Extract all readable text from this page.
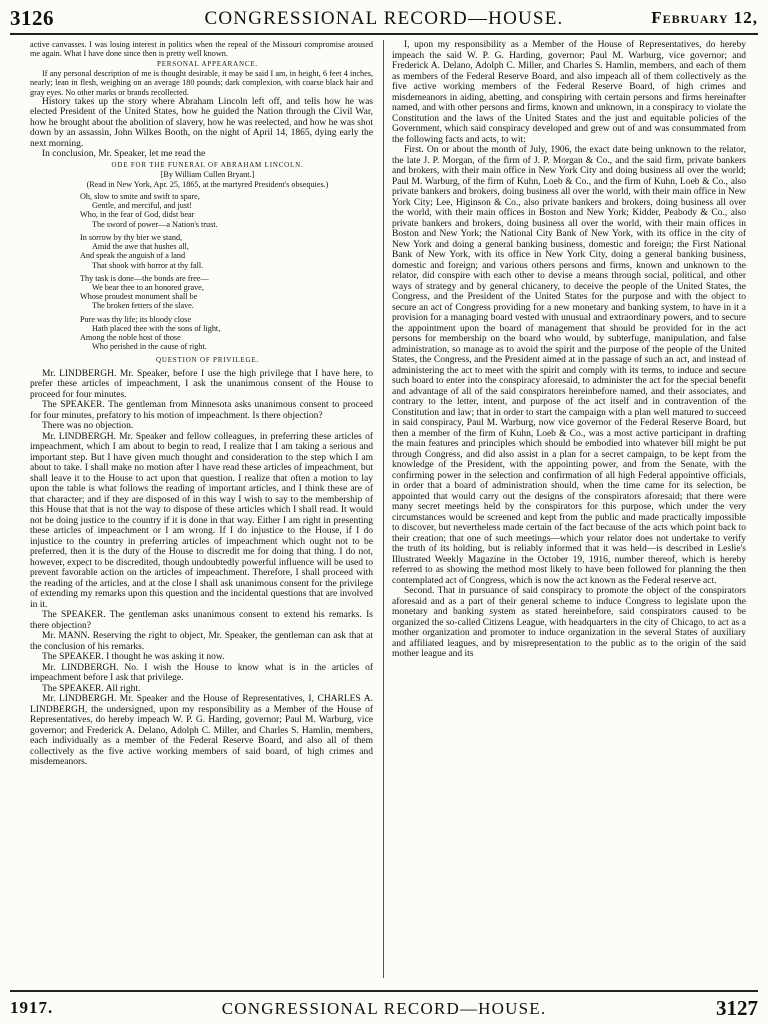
3126	CONGRESSIONAL RECORD—HOUSE.	February 12,

active canvasses. I was losing interest in politics when the repeal of the Missouri compromise aroused me again. What I have done since then is pretty well known.

PERSONAL APPEARANCE.

If any personal description of me is thought desirable, it may be said I am, in height, 6 feet 4 inches, nearly; lean in flesh, weighing on an average 180 pounds; dark complexion, with coarse black hair and gray eyes. No other marks or brands recollected.

History takes up the story where Abraham Lincoln left off, and tells how he was elected President of the United States, how he guided the Nation through the Civil War, how he brought about the abolition of slavery, how he was reelected, and how he was shot down by an assassin, John Wilkes Booth, on the night of April 14, 1865, dying early the next morning.

In conclusion, Mr. Speaker, let me read the

ODE FOR THE FUNERAL OF ABRAHAM LINCOLN.

[By William Cullen Bryant.]

(Read in New York, Apr. 25, 1865, at the martyred President's obsequies.)

Oh, slow to smite and swift to spare,
Gentle, and merciful, and just!
Who, in the fear of God, didst bear
The sword of power—a Nation's trust.
In sorrow by thy bier we stand,
Amid the awe that hushes all,
And speak the anguish of a land
That shook with horror at thy fall.
Thy task is done—the bonds are free—
We bear thee to an honored grave,
Whose proudest monument shall be
The broken fetters of the slave.
Pure was thy life; its bloody close
Hath placed thee with the sons of light,
Among the noble host of those
Who perished in the cause of right.

QUESTION OF PRIVILEGE.

Mr. LINDBERGH. Mr. Speaker, before I use the high privilege that I have here, to prefer these articles of impeachment, I ask the unanimous consent of the House to proceed for four minutes.

The SPEAKER. The gentleman from Minnesota asks unanimous consent to proceed for four minutes, prefatory to his motion of impeachment. Is there objection?

There was no objection.

Mr. LINDBERGH. Mr. Speaker and fellow colleagues, in preferring these articles of impeachment, which I am about to begin to read, I realize that I am taking a serious and important step. But I have given much thought and consideration to the step which I am about to take. I shall make no motion after I have read these articles of impeachment, but shall leave it to the House to act upon that question. I realize that often a motion to lay upon the table is what follows the reading of important articles, and I think these are of that character; and if they are disposed of in this way I wish to say to the membership of this House that that is not the way to dispose of these articles which I shall read. It would not be doing justice to the country if it is done in that way. Either I am right in presenting these articles of impeachment or I am wrong. If I do injustice to the House, if I do injustice to the country in preferring articles of impeachment which ought not to be preferred, then it is the duty of the House to discredit me for doing that thing. I do not, however, expect to be discredited, though undoubtedly powerful influence will be used to prevent favorable action on the articles of impeachment. Therefore, I shall proceed with the reading of the articles, and at the close I shall ask unanimous consent for the privilege of extending my remarks upon this question and the incidental questions that are involved in it.

The SPEAKER. The gentleman asks unanimous consent to extend his remarks. Is there objection?

Mr. MANN. Reserving the right to object, Mr. Speaker, the gentleman can ask that at the conclusion of his remarks.

The SPEAKER. I thought he was asking it now.

Mr. LINDBERGH. No. I wish the House to know what is in the articles of impeachment before I ask that privilege.

The SPEAKER. All right.

Mr. LINDBERGH. Mr. Speaker and the House of Representatives, I, CHARLES A. LINDBERGH, the undersigned, upon my responsibility as a Member of the House of Representatives, do hereby impeach W. P. G. Harding, governor; Paul M. Warburg, vice governor; and Frederick A. Delano, Adolph C. Miller, and Charles S. Hamlin, members, each individually as a member of the Federal Reserve Board, and also all of them collectively as the five active working members of said board, of high crimes and misdemeanors.

I, upon my responsibility as a Member of the House of Representatives, do hereby impeach the said W. P. G. Harding, governor; Paul M. Warburg, vice governor; and Frederick A. Delano, Adolph C. Miller, and Charles S. Hamlin, members, and each of them as members of the Federal Reserve Board, and also impeach all of them collectively as the five active working members of the Federal Reserve Board, of high crimes and misdemeanors in aiding, abetting, and conspiring with certain persons and firms hereinafter named, and with other persons and firms, known and unknown, in a conspiracy to violate the Constitution and the laws of the United States and the just and equitable policies of the Government, which said conspiracy developed and grew out of and was consummated from the following facts and acts, to wit:

First. On or about the month of July, 1906, the exact date being unknown to the relator, the late J. P. Morgan, of the firm of J. P. Morgan & Co., and the said firm, private bankers and brokers, with their main office in New York City and doing business all over the world; Paul M. Warburg, of the firm of Kuhn, Loeb & Co., and the firm of Kuhn, Loeb & Co., also private bankers and brokers, doing business all over the world, with their main office in New York City; Lee, Higinson & Co., also private bankers and brokers, doing business all over the world, with their main offices in Boston and New York; Kidder, Peabody & Co., also private bankers and brokers, doing business all over the world, with their main offices in Boston and New York; the National City Bank of New York, with its office in the city of New York and doing a general banking business, domestic and foreign; the First National Bank of New York, with its office in New York City, doing a general banking business, domestic and foreign; and various others persons and firms, known and unknown to the relator, did conspire with each other to devise a means through social, political, and other ways of strategy and by general chicanery, to deceive the people of the United States, the Congress, and the President of the United States for the purpose and with the object to secure an act of Congress providing for a new monetary and banking system, to have in it a provision for a managing board vested with unusual and extraordinary powers, and to secure the appointment upon the board of management that should be provided for in the act persons for membership on the board who would, by subterfuge, manipulation, and false administration, so manage as to avoid the spirit and the purpose of the people of the United States, the Congress, and the President aimed at in the passage of such an act, and instead of administering the act to meet with the spirit and comply with its terms, to induce and secure such board to enter into the conspiracy aforesaid, to administer the act for the special benefit and advantage of all of the said conspirators hereinbefore named, and their associates, and contrary to the letter, intent, and purpose of the act itself and in contravention of the Constitution and law; that in order to start the campaign with a plan well matured to succeed in said conspiracy, Paul M. Warburg, now vice governor of the Federal Reserve Board, but then a member of the firm of Kuhn, Loeb & Co., was a most active participant in drafting the main features and principles which should be embodied into whatever bill might be put through Congress, and did also assist in a plan for a secret campaign, to be kept from the knowledge of the President, with the appointing power, and from the Senate, with the confirming power in the selection and confirmation of all high Federal appointive officials, in order that a board of administration should, when the time came for its selection, be appointed that would carry out the designs of the conspirators aforesaid; that there were many secret meetings held by the conspirators for this purpose, which under the very circumstances would be screened and kept from the public and made practically impossible to discover, but nevertheless made certain of the fact because of the acts which point back to their creation; that one of such meetings—which your relator does not undertake to verify the truth of its holding, but is reliably informed that it was held—is described in Leslie's Illustrated Weekly Magazine in the October 19, 1916, number thereof, which is hereby referred to as showing the method most likely to have been followed for planning the then contemplated act of Congress, which is now the act known as the Federal reserve act.

Second. That in pursuance of said conspiracy to promote the object of the conspirators aforesaid and as a part of their general scheme to induce Congress to legislate upon the monetary and banking system as stated hereinbefore, said conspirators caused to be organized the so-called Citizens League, with headquarters in the city of Chicago, to act as a mother organization and promoter to induce organization in the several States of auxiliary and affiliated leagues, and by misrepresentation to the public as to the origin of the said mother league and its

1917.	CONGRESSIONAL RECORD—HOUSE.	3127
